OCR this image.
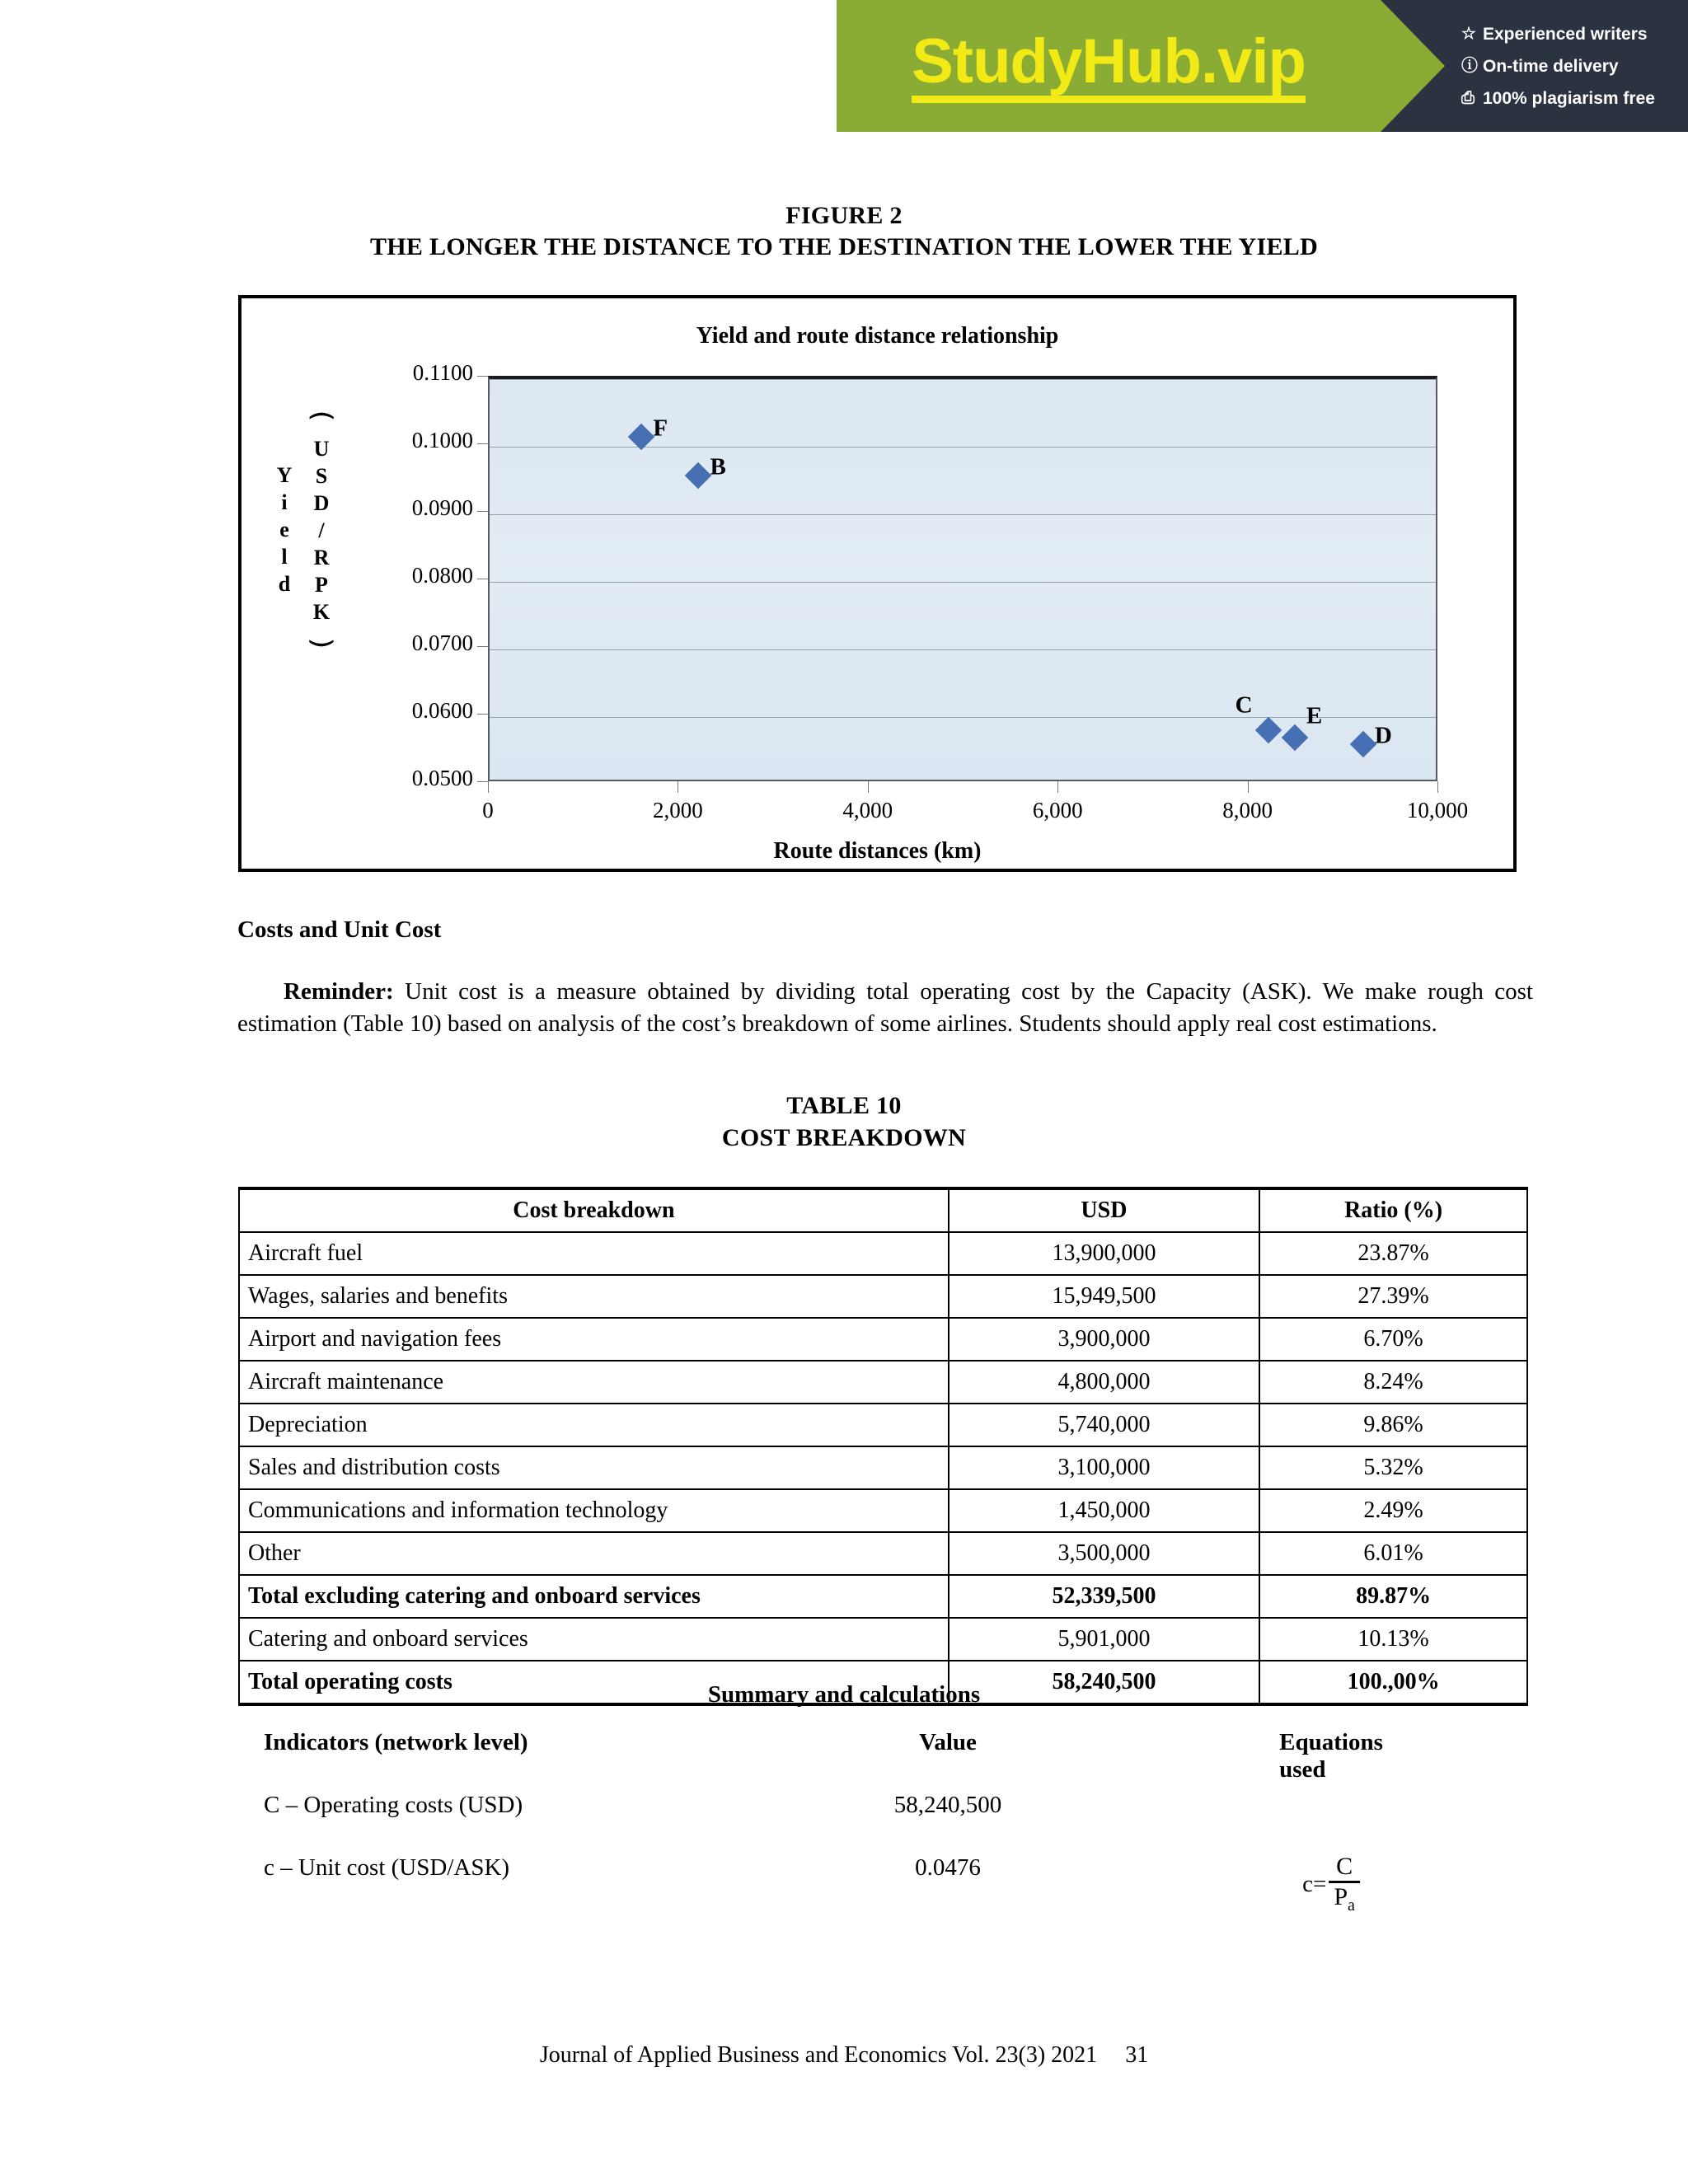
StudyHub.vip	☆ Experienced writers
ⓘ On-time delivery
⎙ 100% plagiarism free
FIGURE 2
THE LONGER THE DISTANCE TO THE DESTINATION THE LOWER THE YIELD
Yield and route distance relationship
Y
i
e
l
d
⏜
U
S
D
/
R
P
K
⏝
F
B
C E
D
Route distances (km)
0.0500
0.0600
0.0700
0.0800
0.0900
0.1000
0.1100
0	2,000	4,000	6,000	8,000	10,000
Costs and Unit Cost

Reminder: Unit cost is a measure obtained by dividing total operating cost by the Capacity (ASK). We make rough cost estimation (Table 10) based on analysis of the cost’s breakdown of some airlines. Students should apply real cost estimations.

TABLE 10
COST BREAKDOWN
Cost breakdown	USD	Ratio (%)
Aircraft fuel	13,900,000	23.87%
Wages, salaries and benefits	15,949,500	27.39%
Airport and navigation fees	3,900,000	6.70%
Aircraft maintenance	4,800,000	8.24%
Depreciation	5,740,000	9.86%
Sales and distribution costs	3,100,000	5.32%
Communications and information technology	1,450,000	2.49%
Other	3,500,000	6.01%
Total excluding catering and onboard services	52,339,500	89.87%
Catering and onboard services	5,901,000	10.13%
Total operating costs	58,240,500	100.,00%
Summary and calculations
Indicators (network level)	Value	Equations used
C – Operating costs (USD)	58,240,500
c – Unit cost (USD/ASK)	0.0476
$c= \frac{C}{P_a}$
Journal of Applied Business and Economics Vol. 23(3) 2021 31
